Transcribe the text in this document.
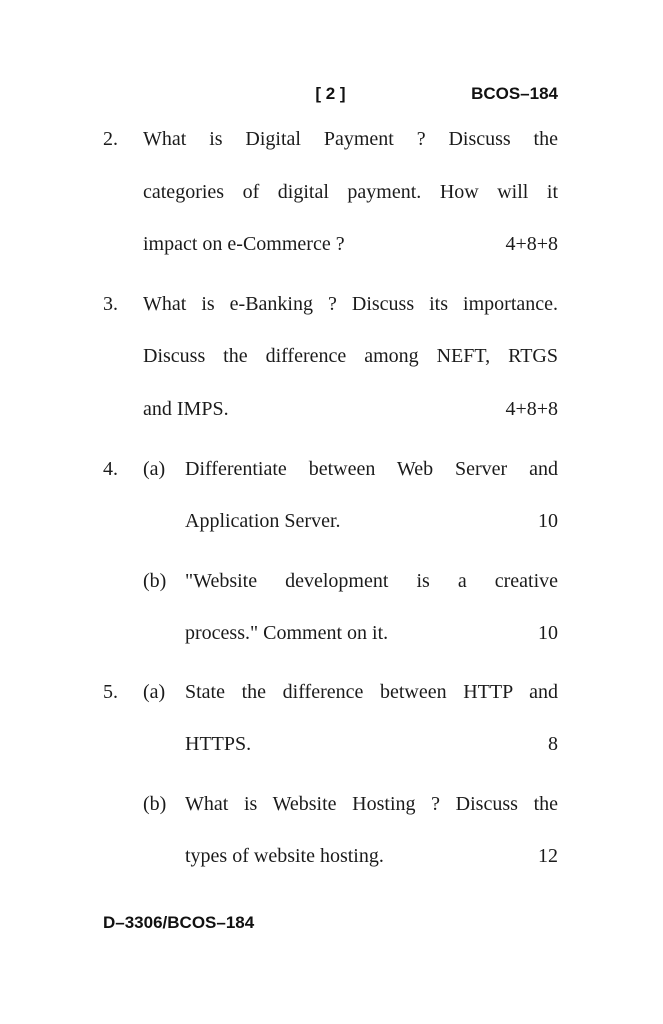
[ 2 ]	BCOS–184
2.	What is Digital Payment ? Discuss the
categories of digital payment. How will it
impact on e-Commerce ?	4+8+8
3.	What is e-Banking ? Discuss its importance.
Discuss the difference among NEFT, RTGS
and IMPS.	4+8+8
4.	(a) Differentiate between Web Server and
Application Server.	10
(b) "Website development is a creative
process." Comment on it.	10
5.	(a) State the difference between HTTP and
HTTPS.	8
(b) What is Website Hosting ? Discuss the
types of website hosting.	12
D–3306/BCOS–184
